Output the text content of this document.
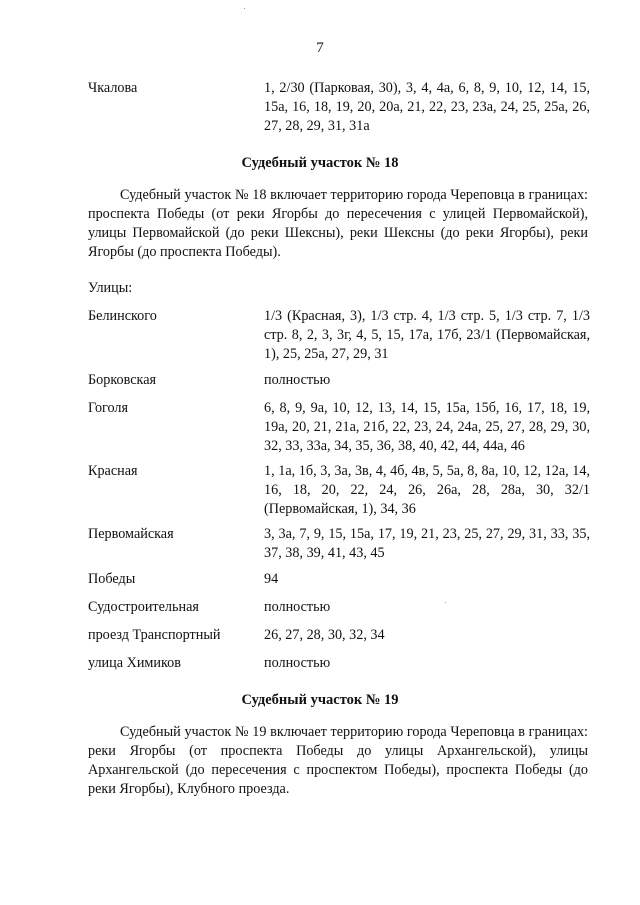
7
Чкалова	1, 2/30 (Парковая, 30), 3, 4, 4а, 6, 8, 9, 10, 12, 14, 15, 15а, 16, 18, 19, 20, 20а, 21, 22, 23, 23а, 24, 25, 25а, 26, 27, 28, 29, 31, 31а
Судебный участок № 18
Судебный участок № 18 включает территорию города Череповца в границах: проспекта Победы (от реки Ягорбы до пересечения с улицей Первомайской), улицы Первомайской (до реки Шексны), реки Шексны (до реки Ягорбы), реки Ягорбы (до проспекта Победы).
Улицы:
Белинского	1/3 (Красная, 3), 1/3 стр. 4, 1/3 стр. 5, 1/3 стр. 7, 1/3 стр. 8, 2, 3, 3г, 4, 5, 15, 17а, 17б, 23/1 (Первомайская, 1), 25, 25а, 27, 29, 31
Борковская	полностью
Гоголя	6, 8, 9, 9а, 10, 12, 13, 14, 15, 15а, 15б, 16, 17, 18, 19, 19а, 20, 21, 21а, 21б, 22, 23, 24, 24а, 25, 27, 28, 29, 30, 32, 33, 33а, 34, 35, 36, 38, 40, 42, 44, 44а, 46
Красная	1, 1а, 1б, 3, 3а, 3в, 4, 4б, 4в, 5, 5а, 8, 8а, 10, 12, 12а, 14, 16, 18, 20, 22, 24, 26, 26а, 28, 28а, 30, 32/1 (Первомайская, 1), 34, 36
Первомайская	3, 3а, 7, 9, 15, 15а, 17, 19, 21, 23, 25, 27, 29, 31, 33, 35, 37, 38, 39, 41, 43, 45
Победы	94
Судостроительная	полностью
проезд Транспортный	26, 27, 28, 30, 32, 34
улица Химиков	полностью
Судебный участок № 19
Судебный участок № 19 включает территорию города Череповца в границах: реки Ягорбы (от проспекта Победы до улицы Архангельской), улицы Архангельской (до пересечения с проспектом Победы), проспекта Победы (до реки Ягорбы), Клубного проезда.
